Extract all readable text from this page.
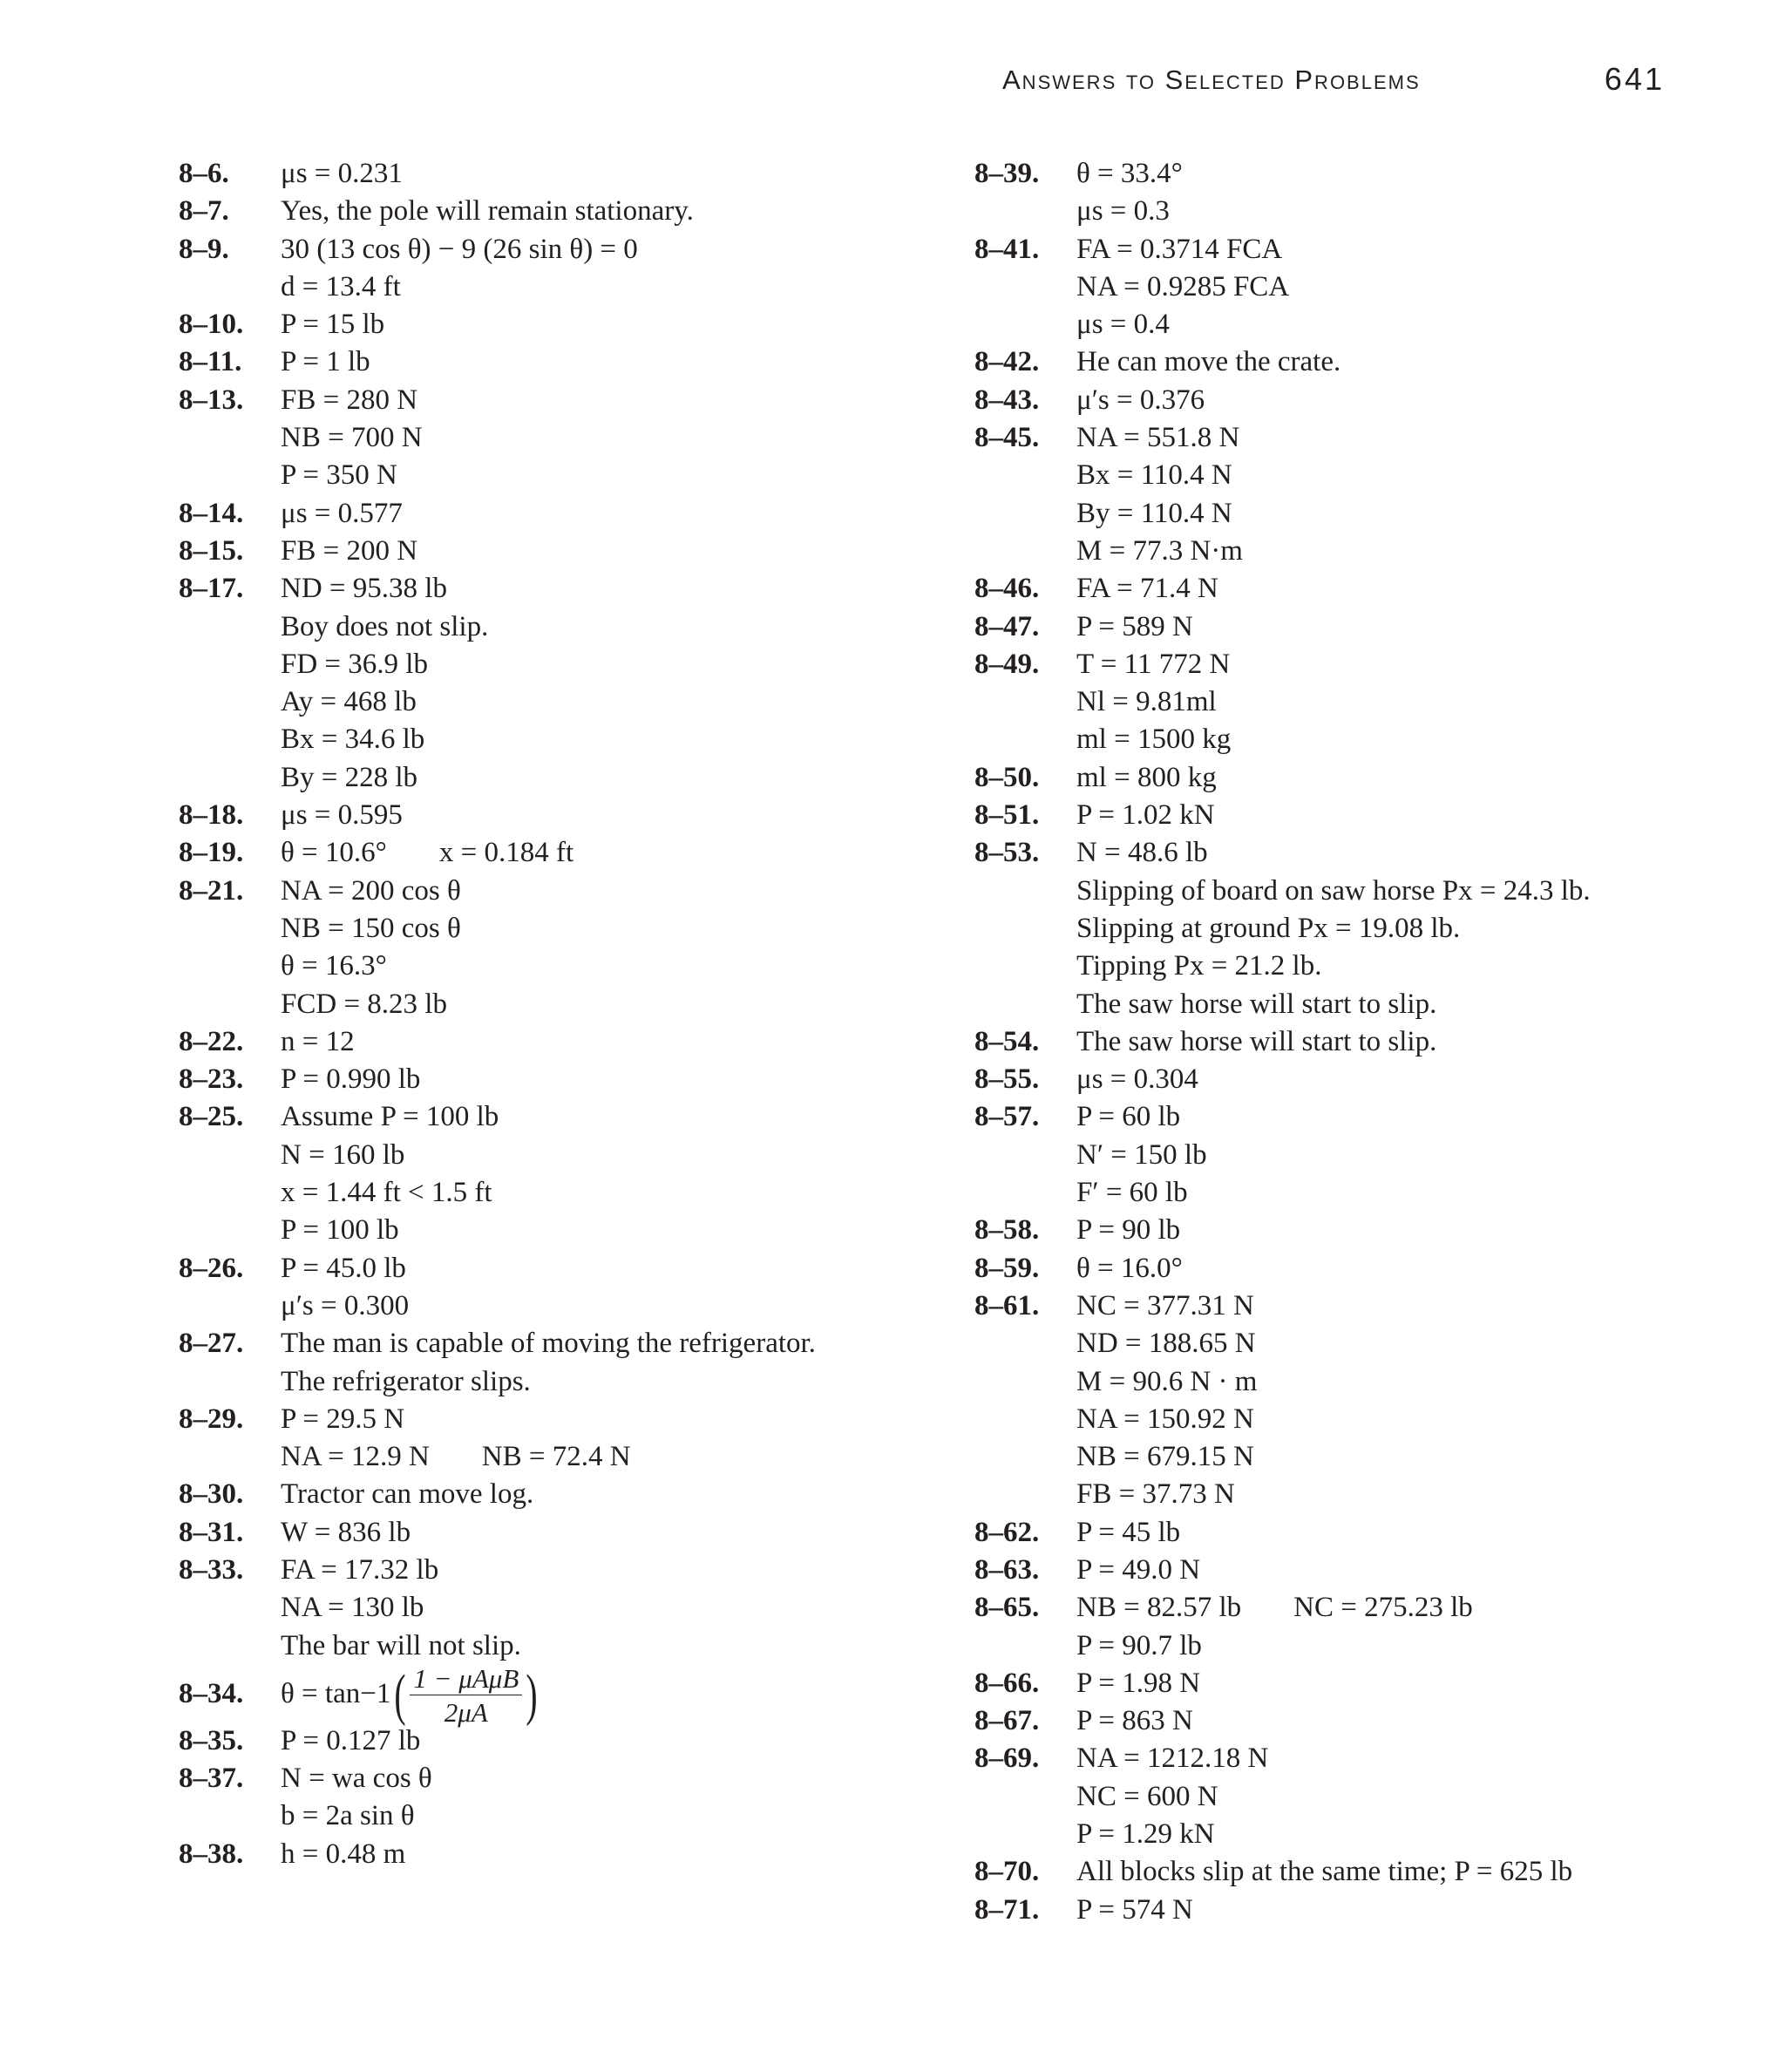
Answers to Selected Problems	641
8–6.	μs = 0.231
8–7.	Yes, the pole will remain stationary.
8–9.	30 (13 cos θ) − 9 (26 sin θ) = 0
d = 13.4 ft
8–10.	P = 15 lb
8–11.	P = 1 lb
8–13.	FB = 280 N
NB = 700 N
P = 350 N
8–14.	μs = 0.577
8–15.	FB = 200 N
8–17.	ND = 95.38 lb
Boy does not slip.
FD = 36.9 lb
Ay = 468 lb
Bx = 34.6 lb
By = 228 lb
8–18.	μs = 0.595
8–19.	θ = 10.6° x = 0.184 ft
8–21.	NA = 200 cos θ
NB = 150 cos θ
θ = 16.3°
FCD = 8.23 lb
8–22.	n = 12
8–23.	P = 0.990 lb
8–25.	Assume P = 100 lb
N = 160 lb
x = 1.44 ft < 1.5 ft
P = 100 lb
8–26.	P = 45.0 lb
μ′s = 0.300
8–27.	The man is capable of moving the refrigerator.
The refrigerator slips.
8–29.	P = 29.5 N
NA = 12.9 N NB = 72.4 N
8–30.	Tractor can move log.
8–31.	W = 836 lb
8–33.	FA = 17.32 lb
NA = 130 lb
The bar will not slip.
8–34.	θ = tan−1 ( $\frac{\text{1 − μAμB}}{2\mu A}$ )
8–35.	P = 0.127 lb
8–37.	N = wa cos θ
b = 2a sin θ
8–38.	h = 0.48 m
8–39.	θ = 33.4°
μs = 0.3
8–41.	FA = 0.3714 FCA
NA = 0.9285 FCA
μs = 0.4
8–42.	He can move the crate.
8–43.	μ′s = 0.376
8–45.	NA = 551.8 N
Bx = 110.4 N
By = 110.4 N
M = 77.3 N·m
8–46.	FA = 71.4 N
8–47.	P = 589 N
8–49.	T = 11 772 N
Nl = 9.81ml
ml = 1500 kg
8–50.	ml = 800 kg
8–51.	P = 1.02 kN
8–53.	N = 48.6 lb
Slipping of board on saw horse Px = 24.3 lb.
Slipping at ground Px = 19.08 lb.
Tipping Px = 21.2 lb.
The saw horse will start to slip.
8–54.	The saw horse will start to slip.
8–55.	μs = 0.304
8–57.	P = 60 lb
N′ = 150 lb
F′ = 60 lb
8–58.	P = 90 lb
8–59.	θ = 16.0°
8–61.	NC = 377.31 N
ND = 188.65 N
M = 90.6 N · m
NA = 150.92 N
NB = 679.15 N
FB = 37.73 N
8–62.	P = 45 lb
8–63.	P = 49.0 N
8–65.	NB = 82.57 lb NC = 275.23 lb
P = 90.7 lb
8–66.	P = 1.98 N
8–67.	P = 863 N
8–69.	NA = 1212.18 N
NC = 600 N
P = 1.29 kN
8–70.	All blocks slip at the same time; P = 625 lb
8–71.	P = 574 N
